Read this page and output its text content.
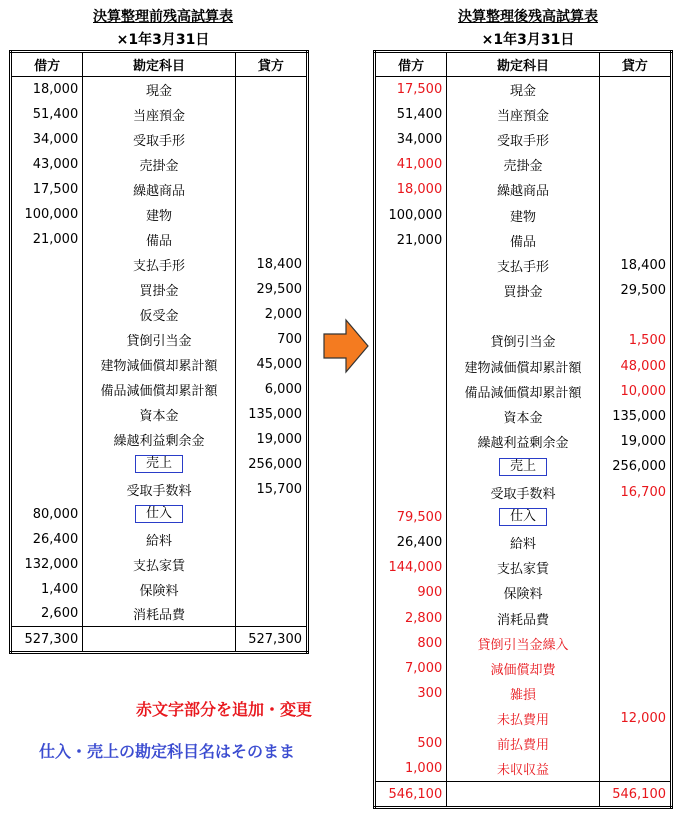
決算整理前残高試算表
×1年3月31日
借方	勘定科目	貸方
18,000	現金	
51,400	当座預金	
34,000	受取手形	
43,000	売掛金	
17,500	繰越商品	
100,000	建物	
21,000	備品	
	支払手形	18,400
	買掛金	29,500
	仮受金	2,000
	貸倒引当金	700
	建物減価償却累計額	45,000
	備品減価償却累計額	6,000
	資本金	135,000
	繰越利益剰余金	19,000
	売上	256,000
	受取手数料	15,700
80,000	仕入	
26,400	給料	
132,000	支払家賃	
1,400	保険料	
2,600	消耗品費	
527,300		527,300
決算整理後残高試算表
×1年3月31日
借方	勘定科目	貸方
17,500	現金	
51,400	当座預金	
34,000	受取手形	
41,000	売掛金	
18,000	繰越商品	
100,000	建物	
21,000	備品	
	支払手形	18,400
	買掛金	29,500

	貸倒引当金	1,500
	建物減価償却累計額	48,000
	備品減価償却累計額	10,000
	資本金	135,000
	繰越利益剰余金	19,000
	売上	256,000
	受取手数料	16,700
79,500	仕入	
26,400	給料	
144,000	支払家賃	
900	保険料	
2,800	消耗品費	
800	貸倒引当金繰入	
7,000	減価償却費	
300	雑損	
	未払費用	12,000
500	前払費用	
1,000	未収収益	
546,100		546,100
赤文字部分を追加・変更
仕入・売上の勘定科目名はそのまま
